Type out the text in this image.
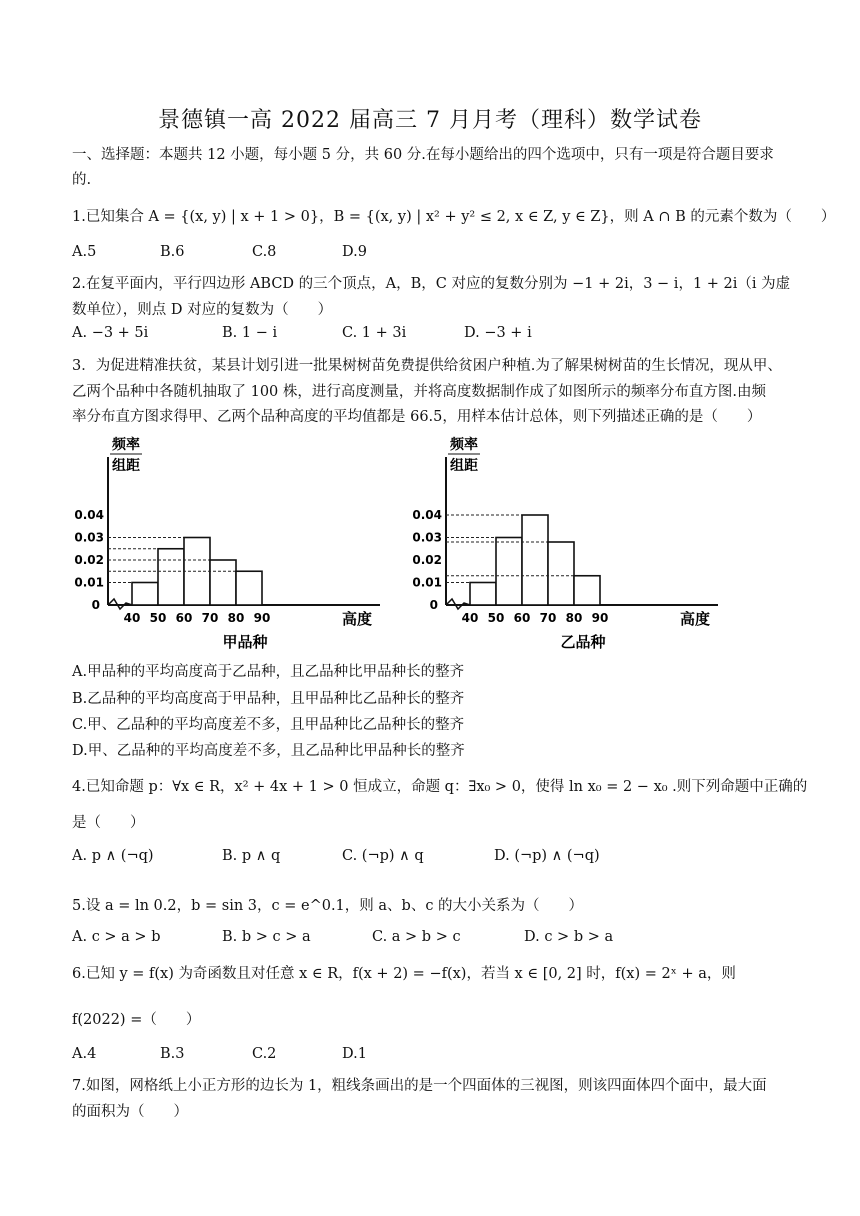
景德镇一高 2022 届高三 7 月月考（理科）数学试卷
一、选择题：本题共 12 小题，每小题 5 分，共 60 分.在每小题给出的四个选项中，只有一项是符合题目要求
的.
1.已知集合 A = {(x, y) | x + 1 > 0}，B = {(x, y) | x² + y² ≤ 2, x ∈ Z, y ∈ Z}，则 A ∩ B 的元素个数为（　　）
A.5	B.6	C.8	D.9
2.在复平面内，平行四边形 ABCD 的三个顶点，A，B，C 对应的复数分别为 −1 + 2i，3 − i，1 + 2i（i 为虚
数单位），则点 D 对应的复数为（　　）
A. −3 + 5i	B. 1 − i	C. 1 + 3i	D. −3 + i
3．为促进精准扶贫，某县计划引进一批果树树苗免费提供给贫困户种植.为了解果树树苗的生长情况，现从甲、
乙两个品种中各随机抽取了 100 株，进行高度测量，并将高度数据制作成了如图所示的频率分布直方图.由频
率分布直方图求得甲、乙两个品种高度的平均值都是 66.5，用样本估计总体，则下列描述正确的是（　　）
频率
组距
0.01
0.02
0.03
0.04
0
40 50 60 70 80 90	高度
甲品种
频率
组距
0.01
0.02
0.03
0.04
0
40 50 60 70 80 90	高度
乙品种
A.甲品种的平均高度高于乙品种，且乙品种比甲品种长的整齐
B.乙品种的平均高度高于甲品种，且甲品种比乙品种长的整齐
C.甲、乙品种的平均高度差不多，且甲品种比乙品种长的整齐
D.甲、乙品种的平均高度差不多，且乙品种比甲品种长的整齐
4.已知命题 p：∀x ∈ R，x² + 4x + 1 > 0 恒成立，命题 q：∃x₀ > 0，使得 ln x₀ = 2 − x₀ .则下列命题中正确的
是（　　）
A. p ∧ (¬q)	B. p ∧ q	C. (¬p) ∧ q	D. (¬p) ∧ (¬q)
5.设 a = ln 0.2，b = sin 3，c = e^0.1，则 a、b、c 的大小关系为（　　）
A. c > a > b	B. b > c > a	C. a > b > c	D. c > b > a
6.已知 y = f(x) 为奇函数且对任意 x ∈ R，f(x + 2) = −f(x)，若当 x ∈ [0, 2] 时，f(x) = 2ˣ + a，则
f(2022) =（　　）
A.4	B.3	C.2	D.1
7.如图，网格纸上小正方形的边长为 1，粗线条画出的是一个四面体的三视图，则该四面体四个面中，最大面
的面积为（　　）
